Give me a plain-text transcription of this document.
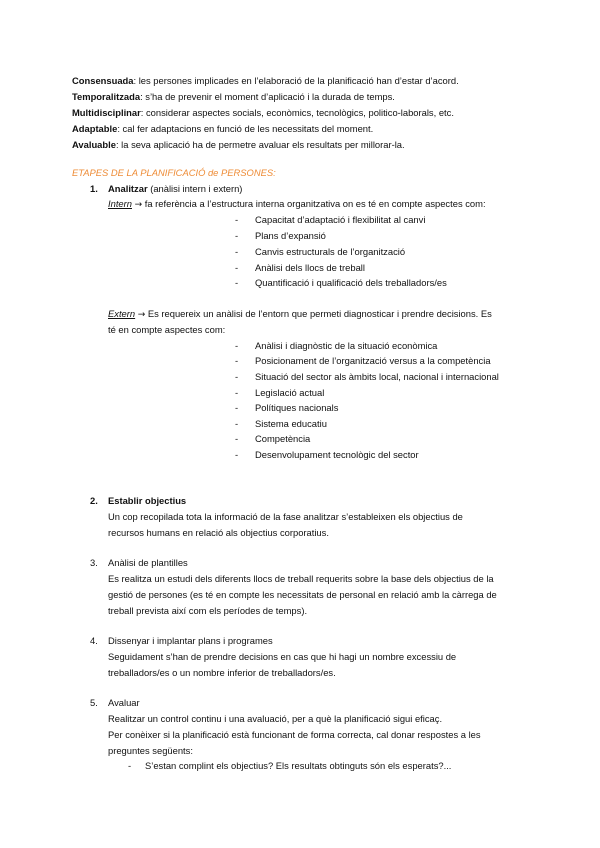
Consensuada: les persones implicades en l’elaboració de la planificació han d’estar d’acord.
Temporalitzada: s’ha de prevenir el moment d’aplicació i la durada de temps.
Multidisciplinar: considerar aspectes socials, econòmics, tecnològics, politico-laborals, etc.
Adaptable: cal fer adaptacions en funció de les necessitats del moment.
Avaluable: la seva aplicació ha de permetre avaluar els resultats per millorar-la.
ETAPES DE LA PLANIFICACIÓ de PERSONES:
1. Analitzar (anàlisi intern i extern)
Intern → fa referència a l’estructura interna organitzativa on es té en compte aspectes com:
- Capacitat d’adaptació i flexibilitat al canvi
- Plans d’expansió
- Canvis estructurals de l’organització
- Anàlisi dels llocs de treball
- Quantificació i qualificació dels treballadors/es
Extern → Es requereix un anàlisi de l’entorn que permeti diagnosticar i prendre decisions. Es
té en compte aspectes com:
- Anàlisi i diagnòstic de la situació econòmica
- Posicionament de l’organització versus a la competència
- Situació del sector als àmbits local, nacional i internacional
- Legislació actual
- Polítiques nacionals
- Sistema educatiu
- Competència
- Desenvolupament tecnològic del sector
2. Establir objectius
Un cop recopilada tota la informació de la fase analitzar s’estableixen els objectius de
recursos humans en relació als objectius corporatius.
3. Anàlisi de plantilles
Es realitza un estudi dels diferents llocs de treball requerits sobre la base dels objectius de la
gestió de persones (es té en compte les necessitats de personal en relació amb la càrrega de
treball prevista així com els períodes de temps).
4. Dissenyar i implantar plans i programes
Seguidament s’han de prendre decisions en cas que hi hagi un nombre excessiu de
treballadors/es o un nombre inferior de treballadors/es.
5. Avaluar
Realitzar un control continu i una avaluació, per a què la planificació sigui eficaç.
Per conèixer si la planificació està funcionant de forma correcta, cal donar respostes a les
preguntes següents:
- S’estan complint els objectius? Els resultats obtinguts són els esperats?...
